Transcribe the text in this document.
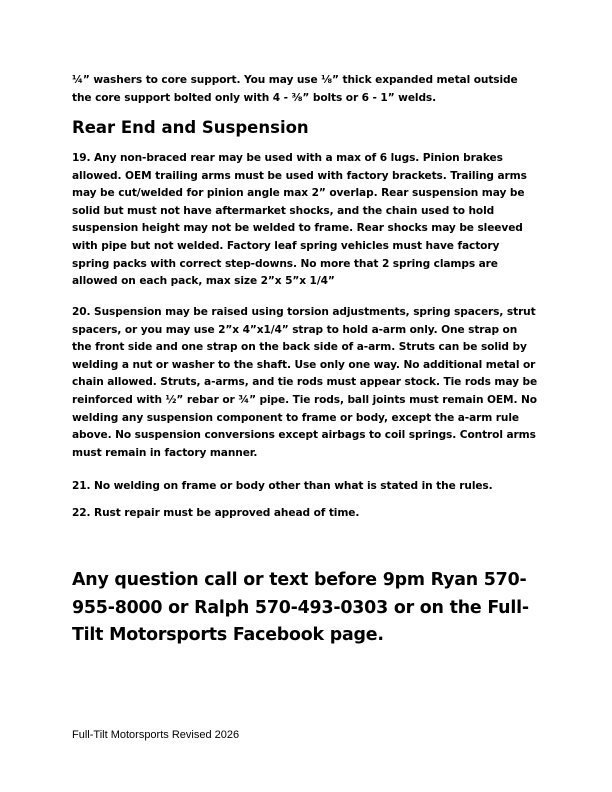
¼” washers to core support. You may use ⅛” thick expanded metal outside the core support bolted only with 4 - ⅜” bolts or 6 - 1” welds.

Rear End and Suspension

19. Any non-braced rear may be used with a max of 6 lugs. Pinion brakes allowed. OEM trailing arms must be used with factory brackets. Trailing arms may be cut/welded for pinion angle max 2” overlap. Rear suspension may be solid but must not have aftermarket shocks, and the chain used to hold suspension height may not be welded to frame. Rear shocks may be sleeved with pipe but not welded. Factory leaf spring vehicles must have factory spring packs with correct step-downs. No more that 2 spring clamps are allowed on each pack, max size 2”x 5”x 1/4”

20. Suspension may be raised using torsion adjustments, spring spacers, strut spacers, or you may use 2”x 4”x1/4” strap to hold a-arm only. One strap on the front side and one strap on the back side of a-arm. Struts can be solid by welding a nut or washer to the shaft. Use only one way. No additional metal or chain allowed. Struts, a-arms, and tie rods must appear stock. Tie rods may be reinforced with ½” rebar or ¾” pipe. Tie rods, ball joints must remain OEM. No welding any suspension component to frame or body, except the a-arm rule above. No suspension conversions except airbags to coil springs. Control arms must remain in factory manner.

21. No welding on frame or body other than what is stated in the rules.

22. Rust repair must be approved ahead of time.

Any question call or text before 9pm Ryan 570-955-8000 or Ralph 570-493-0303 or on the Full-Tilt Motorsports Facebook page.

Full-Tilt Motorsports Revised 2026
